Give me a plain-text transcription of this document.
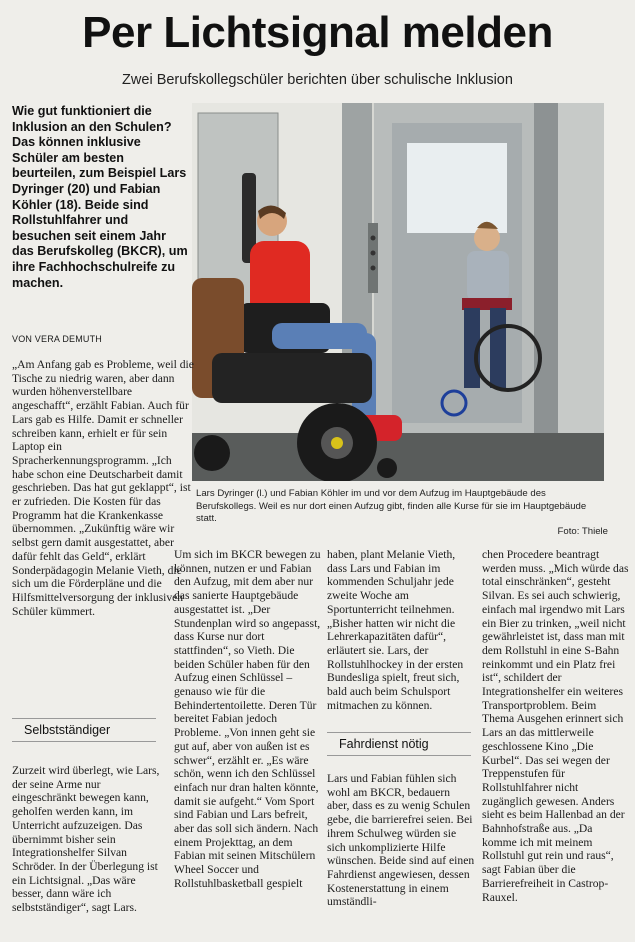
Per Lichtsignal melden
Zwei Berufskollegschüler berichten über schulische Inklusion
Wie gut funktioniert die Inklusion an den Schulen? Das können inklusive Schüler am besten beurteilen, zum Beispiel Lars Dyringer (20) und Fabian Köhler (18). Beide sind Rollstuhlfahrer und besuchen seit einem Jahr das Berufskolleg (BKCR), um ihre Fachhochschulreife zu machen.
VON VERA DEMUTH
Lars Dyringer (l.) und Fabian Köhler im und vor dem Aufzug im Hauptgebäude des Berufskollegs. Weil es nur dort einen Aufzug gibt, finden alle Kurse für sie im Hauptgebäude statt.
Foto: Thiele

„Am Anfang gab es Probleme, weil die Tische zu niedrig waren, aber dann wurden höhenverstellbare angeschafft“, erzählt Fabian. Auch für Lars gab es Hilfe. Damit er schneller schreiben kann, erhielt er für sein Laptop ein Spracherkennungsprogramm. „Ich habe schon eine Deutscharbeit damit geschrieben. Das hat gut geklappt“, ist er zufrieden. Die Kosten für das Programm hat die Krankenkasse übernommen. „Zukünftig wäre wir selbst gern damit ausgestattet, aber dafür fehlt das Geld“, erklärt Sonderpädagogin Melanie Vieth, die sich um die Förderpläne und die Hilfsmittelversorgung der inklusiven Schüler kümmert.

Selbstständiger

Zurzeit wird überlegt, wie Lars, der seine Arme nur eingeschränkt bewegen kann, geholfen werden kann, im Unterricht aufzuzeigen. Das übernimmt bisher sein Integrationshelfer Silvan Schröder. In der Überlegung ist ein Lichtsignal. „Das wäre besser, dann wäre ich selbstständiger“, sagt Lars.

Um sich im BKCR bewegen zu können, nutzen er und Fabian den Aufzug, mit dem aber nur das sanierte Hauptgebäude ausgestattet ist. „Der Stundenplan wird so angepasst, dass Kurse nur dort stattfinden“, so Vieth. Die beiden Schüler haben für den Aufzug einen Schlüssel – genauso wie für die Behindertentoilette. Deren Tür bereitet Fabian jedoch Probleme. „Von innen geht sie gut auf, aber von außen ist es schwer“, erzählt er. „Es wäre schön, wenn ich den Schlüssel einfach nur dran halten könnte, damit sie aufgeht.“ Vom Sport sind Fabian und Lars befreit, aber das soll sich ändern. Nach einem Projekttag, an dem Fabian mit seinen Mitschülern Wheel Soccer und Rollstuhlbasketball gespielt

haben, plant Melanie Vieth, dass Lars und Fabian im kommenden Schuljahr jede zweite Woche am Sportunterricht teilnehmen. „Bisher hatten wir nicht die Lehrerkapazitäten dafür“, erläutert sie. Lars, der Rollstuhlhockey in der ersten Bundesliga spielt, freut sich, bald auch beim Schulsport mitmachen zu können.

Fahrdienst nötig

Lars und Fabian fühlen sich wohl am BKCR, bedauern aber, dass es zu wenig Schulen gebe, die barrierefrei seien. Bei ihrem Schulweg würden sie sich unkomplizierte Hilfe wünschen. Beide sind auf einen Fahrdienst angewiesen, dessen Kostenerstattung in einem umständli-

chen Procedere beantragt werden muss. „Mich würde das total einschränken“, gesteht Silvan. Es sei auch schwierig, einfach mal irgendwo mit Lars ein Bier zu trinken, „weil nicht gewährleistet ist, dass man mit dem Rollstuhl in eine S-Bahn reinkommt und ein Platz frei ist“, schildert der Integrationshelfer ein weiteres Transportproblem. Beim Thema Ausgehen erinnert sich Lars an das mittlerweile geschlossene Kino „Die Kurbel“. Das sei wegen der Treppenstufen für Rollstuhlfahrer nicht zugänglich gewesen. Anders sieht es beim Hallenbad an der Bahnhofstraße aus. „Da komme ich mit meinem Rollstuhl gut rein und raus“, sagt Fabian über die Barrierefreiheit in Castrop-Rauxel.
